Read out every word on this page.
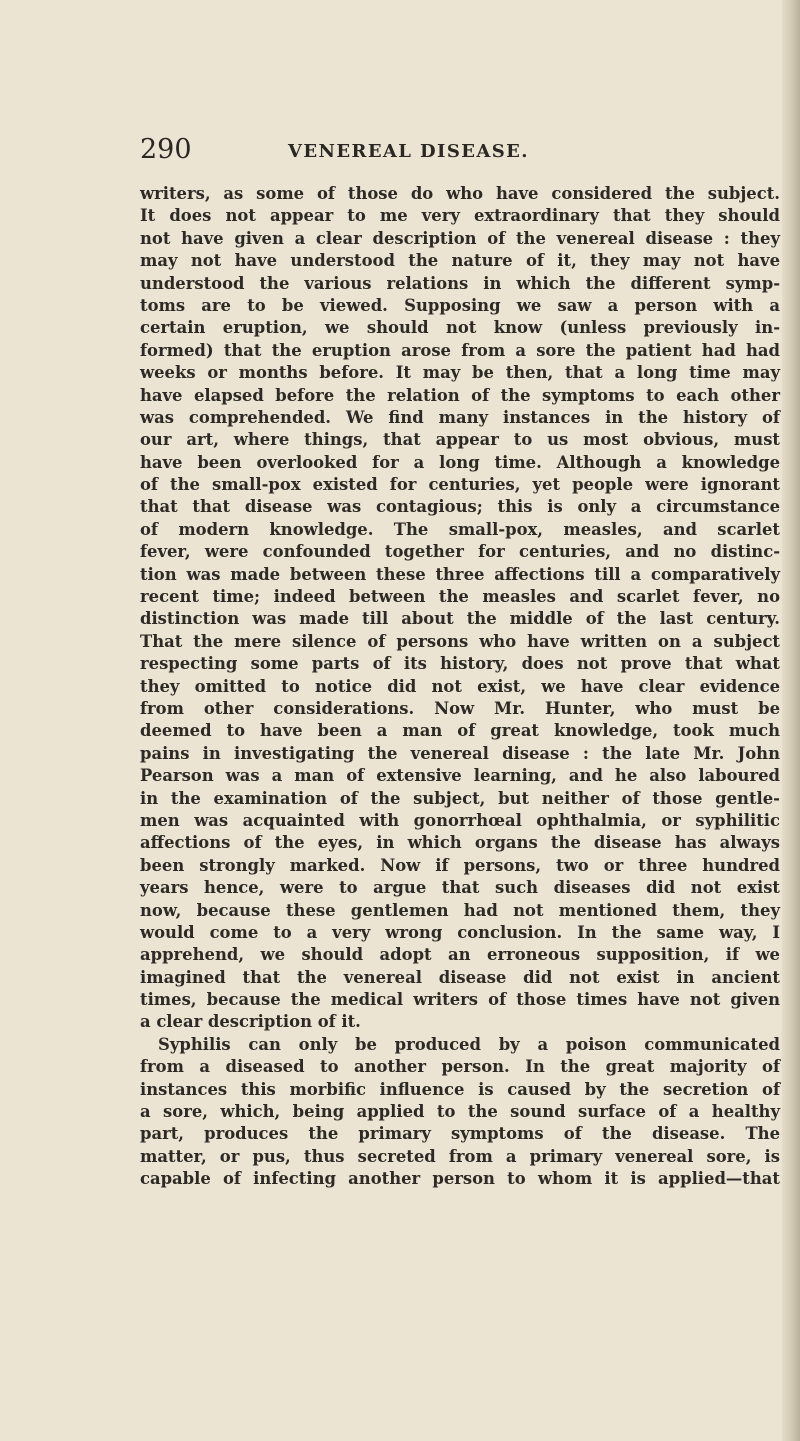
290	VENEREAL DISEASE.
writers, as some of those do who have considered the subject.
It does not appear to me very extraordinary that they should
not have given a clear description of the venereal disease : they
may not have understood the nature of it, they may not have
understood the various relations in which the different symp-
toms are to be viewed. Supposing we saw a person with a
certain eruption, we should not know (unless previously in-
formed) that the eruption arose from a sore the patient had had
weeks or months before. It may be then, that a long time may
have elapsed before the relation of the symptoms to each other
was comprehended. We find many instances in the history of
our art, where things, that appear to us most obvious, must
have been overlooked for a long time. Although a knowledge
of the small-pox existed for centuries, yet people were ignorant
that that disease was contagious; this is only a circumstance
of modern knowledge. The small-pox, measles, and scarlet
fever, were confounded together for centuries, and no distinc-
tion was made between these three affections till a comparatively
recent time; indeed between the measles and scarlet fever, no
distinction was made till about the middle of the last century.
That the mere silence of persons who have written on a subject
respecting some parts of its history, does not prove that what
they omitted to notice did not exist, we have clear evidence
from other considerations. Now Mr. Hunter, who must be
deemed to have been a man of great knowledge, took much
pains in investigating the venereal disease : the late Mr. John
Pearson was a man of extensive learning, and he also laboured
in the examination of the subject, but neither of those gentle-
men was acquainted with gonorrhœal ophthalmia, or syphilitic
affections of the eyes, in which organs the disease has always
been strongly marked. Now if persons, two or three hundred
years hence, were to argue that such diseases did not exist
now, because these gentlemen had not mentioned them, they
would come to a very wrong conclusion. In the same way, I
apprehend, we should adopt an erroneous supposition, if we
imagined that the venereal disease did not exist in ancient
times, because the medical writers of those times have not given
a clear description of it.
Syphilis can only be produced by a poison communicated
from a diseased to another person. In the great majority of
instances this morbific influence is caused by the secretion of
a sore, which, being applied to the sound surface of a healthy
part, produces the primary symptoms of the disease. The
matter, or pus, thus secreted from a primary venereal sore, is
capable of infecting another person to whom it is applied—that
